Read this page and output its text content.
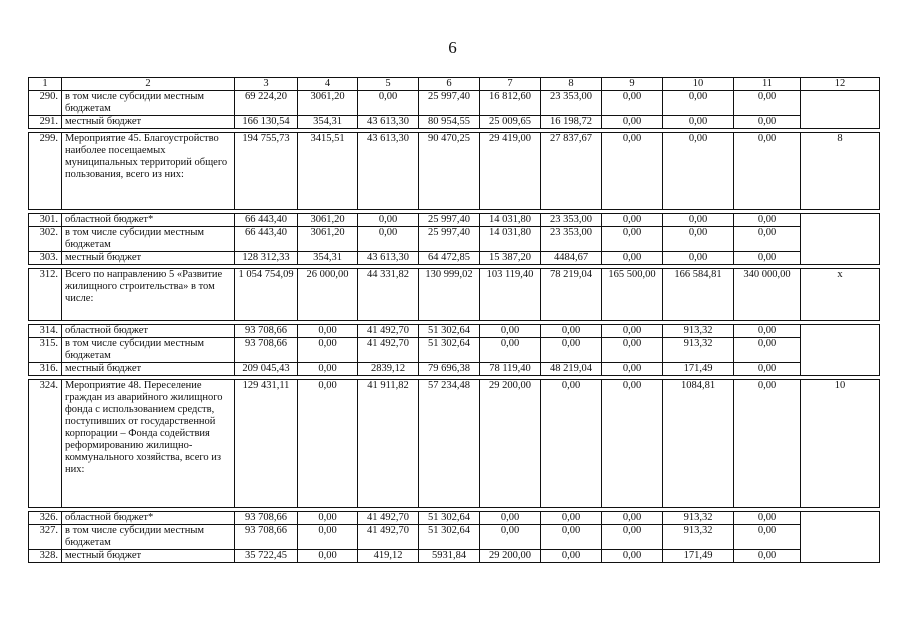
6
1	2	3	4	5	6	7	8	9	10	11	12
290.	в том числе субсидии местным бюджетам	69 224,20	3061,20	0,00	25 997,40	16 812,60	23 353,00	0,00	0,00	0,00	
291.	местный бюджет	166 130,54	354,31	43 613,30	80 954,55	25 009,65	16 198,72	0,00	0,00	0,00	

299.	Мероприятие 45. Благоустройство наиболее посещаемых муниципальных территорий общего пользования, всего из них:	194 755,73	3415,51	43 613,30	90 470,25	29 419,00	27 837,67	0,00	0,00	0,00	8

301.	областной бюджет*	66 443,40	3061,20	0,00	25 997,40	14 031,80	23 353,00	0,00	0,00	0,00	
302.	в том числе субсидии местным бюджетам	66 443,40	3061,20	0,00	25 997,40	14 031,80	23 353,00	0,00	0,00	0,00	
303.	местный бюджет	128 312,33	354,31	43 613,30	64 472,85	15 387,20	4484,67	0,00	0,00	0,00	

312.	Всего по направлению 5 «Развитие жилищного строительства» в том числе:	1 054 754,09	26 000,00	44 331,82	130 999,02	103 119,40	78 219,04	165 500,00	166 584,81	340 000,00	x

314.	областной бюджет	93 708,66	0,00	41 492,70	51 302,64	0,00	0,00	0,00	913,32	0,00	
315.	в том числе субсидии местным бюджетам	93 708,66	0,00	41 492,70	51 302,64	0,00	0,00	0,00	913,32	0,00	
316.	местный бюджет	209 045,43	0,00	2839,12	79 696,38	78 119,40	48 219,04	0,00	171,49	0,00	

324.	Мероприятие 48. Переселение граждан из аварийного жилищного фонда с использованием средств, поступивших от государственной корпорации – Фонда содействия реформированию жилищно-коммунального хозяйства, всего из них:	129 431,11	0,00	41 911,82	57 234,48	29 200,00	0,00	0,00	1084,81	0,00	10

326.	областной бюджет*	93 708,66	0,00	41 492,70	51 302,64	0,00	0,00	0,00	913,32	0,00	
327.	в том числе субсидии местным бюджетам	93 708,66	0,00	41 492,70	51 302,64	0,00	0,00	0,00	913,32	0,00	
328.	местный бюджет	35 722,45	0,00	419,12	5931,84	29 200,00	0,00	0,00	171,49	0,00	
